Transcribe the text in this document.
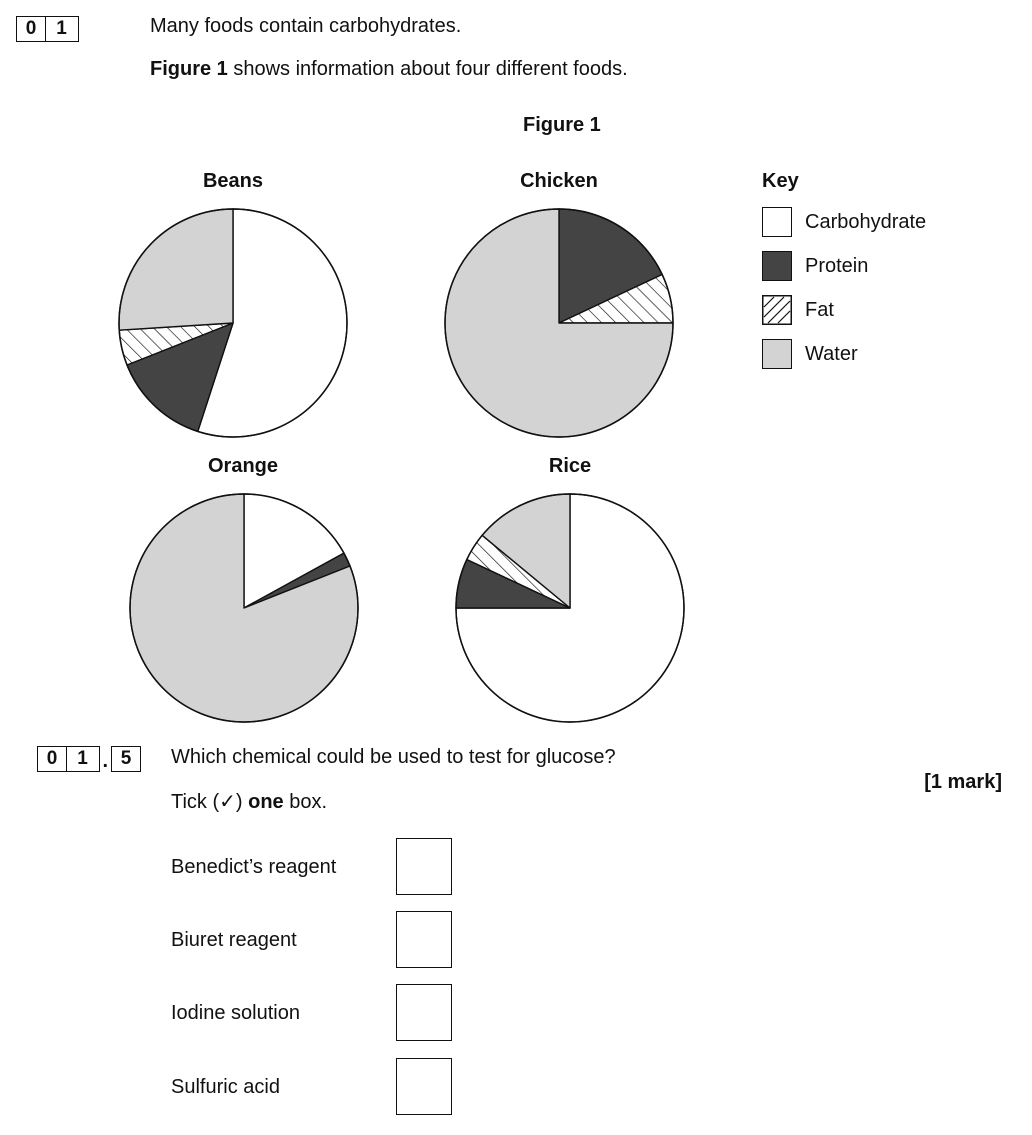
0	1	Many foods contain carbohydrates.
Figure 1 shows information about four different foods.
Figure 1
Beans	Chicken
Orange	Rice
Key
Carbohydrate
Protein
Fat
Water
0	1 . 5	Which chemical could be used to test for glucose?
[1 mark]
Tick (✓) one box.
Benedict’s reagent
Biuret reagent
Iodine solution
Sulfuric acid
